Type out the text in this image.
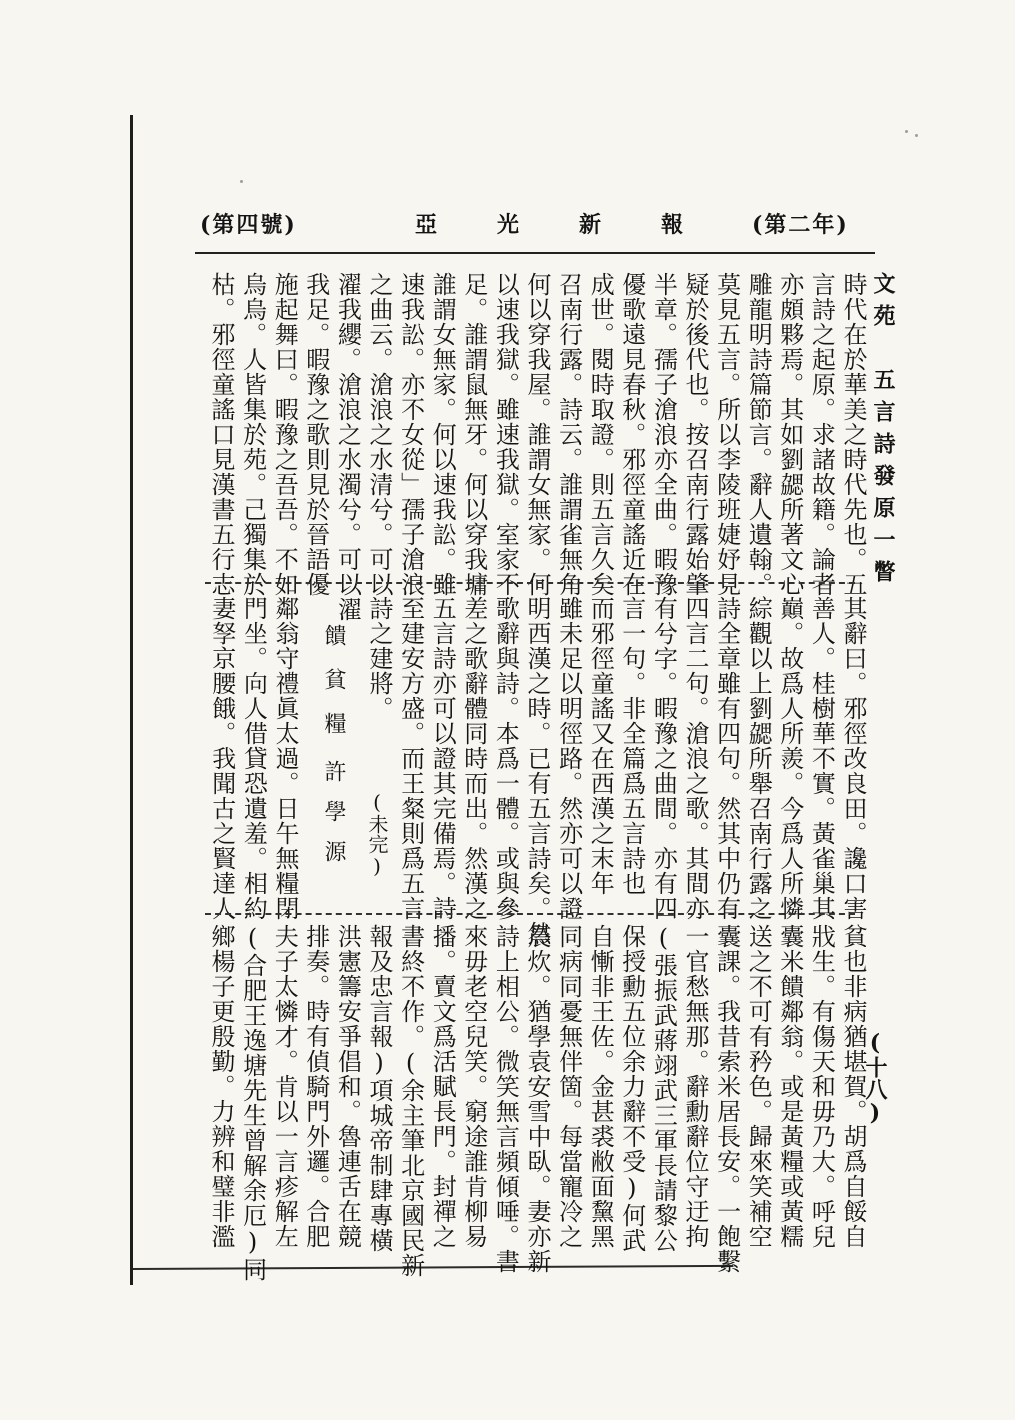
(第四號)	亞光新報 (第二年)
(十八)
文苑　五言詩發原一瞥
時代在於華美之時代先也。五
言詩之起原。求諸故籍。論者
亦頗夥焉。其如劉勰所著文心
雕龍明詩篇節言。辭人遺翰。
莫見五言。所以李陵班婕妤見
疑於後代也。按召南行露始肇
半章。孺子滄浪亦全曲。暇豫
優歌遠見春秋。邪徑童謠近在
成世。閱時取證。則五言久矣
召南行露。詩云。誰謂雀無角
何以穿我屋。誰謂女無家。何
以速我獄。雖速我獄。室家不
足。誰謂鼠無牙。何以穿我墉
誰謂女無家。何以速我訟。雖
速我訟。亦不女從」孺子滄浪
之曲云。滄浪之水清兮。可以
濯我纓。滄浪之水濁兮。可以濯
我足。暇豫之歌則見於晉語優
施起舞曰。暇豫之吾吾。不如
烏烏。人皆集於苑。己獨集於
枯。邪徑童謠口見漢書五行志
其辭曰。邪徑改良田。讒口害
善人。桂樹華不實。黃雀巢其
巔。故爲人所羨。今爲人所憐
綜觀以上劉勰所舉召南行露之
詩全章雖有四句。然其中仍有
四言二句。滄浪之歌。其間亦
有兮字。暇豫之曲間。亦有四
言一句。非全篇爲五言詩也
而邪徑童謠又在西漢之末年
雖未足以明徑路。然亦可以證
明西漢之時。已有五言詩矣。然
歌辭與詩。本爲一體。或與參
差之歌辭體同時而出。然漢之
五言詩亦可以證其完備焉。詩
至建安方盛。而王粲則爲五言
詩之建將。
(未完)
饋貧糧
許學源
鄰翁守禮眞太過。日午無糧閉
門坐。向人借貸恐遺羞。相約
妻孥京腰餓。我聞古之賢達人
貧也非病猶堪賀。胡爲自餒自
戕生。有傷天和毋乃大。呼兒
囊米饋鄰翁。或是黃糧或黃糯
送之不可有矜色。歸來笑補空
囊課。我昔索米居長安。一飽繫
一官愁無那。辭勳辭位守迂拘
(張振武蔣翊武三軍長請黎公
保授勳五位余力辭不受)何武
自慚非王佐。金甚裘敝面黧黑
同病同憂無伴箇。每當寵冷之
晨炊。猶學袁安雪中臥。妻亦新
詩上相公。微笑無言頻傾唾。書
來毋老空兒笑。窮途誰肯柳易
播。賣文爲活賦長門。封禪之
書終不作。(余主筆北京國民新
報及忠言報)項城帝制肆專橫
洪憲籌安爭倡和。魯連舌在競
排奏。時有偵騎門外邏。合肥
夫子太憐才。肯以一言疹解左
(合肥王逸塘先生曾解余厄)同
鄉楊子更殷勤。力辨和璧非濫
